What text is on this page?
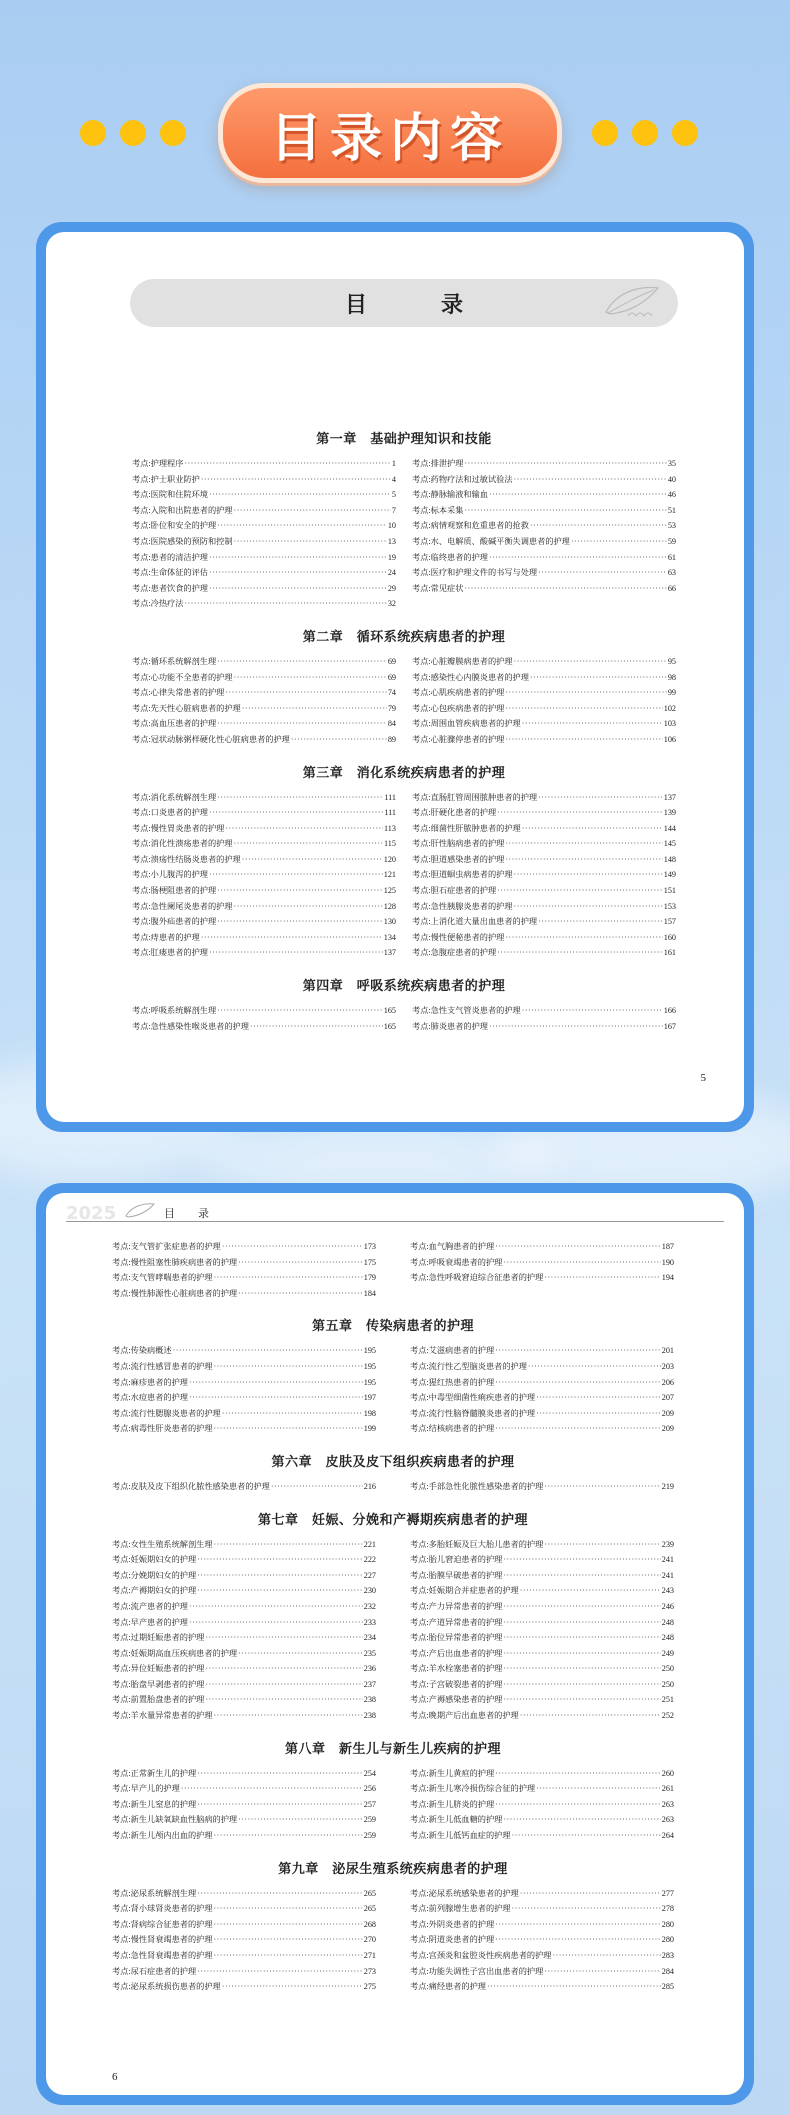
目录内容
目　录
第一章　基础护理知识和技能
考点:护理程序 ·····	1
考点:护士职业防护 ·····	4
考点:医院和住院环境 ·····	5
考点:入院和出院患者的护理 ·····	7
考点:卧位和安全的护理 ·····	10
考点:医院感染的预防和控制 ·····	13
考点:患者的清洁护理 ·····	19
考点:生命体征的评估 ·····	24
考点:患者饮食的护理 ·····	29
考点:冷热疗法 ·····	32
考点:排泄护理 ·····	35
考点:药物疗法和过敏试验法 ·····	40
考点:静脉输液和输血 ·····	46
考点:标本采集 ·····	51
考点:病情观察和危重患者的抢救 ·····	53
考点:水、电解质、酸碱平衡失调患者的护理 ·····	59
考点:临终患者的护理 ·····	61
考点:医疗和护理文件的书写与处理 ·····	63
考点:常见症状 ·····	66
第二章　循环系统疾病患者的护理
考点:循环系统解剖生理 ·····	69
考点:心功能不全患者的护理 ·····	69
考点:心律失常患者的护理 ·····	74
考点:先天性心脏病患者的护理 ·····	79
考点:高血压患者的护理 ·····	84
考点:冠状动脉粥样硬化性心脏病患者的护理 ·····	89
考点:心脏瓣膜病患者的护理 ·····	95
考点:感染性心内膜炎患者的护理 ·····	98
考点:心肌疾病患者的护理 ·····	99
考点:心包疾病患者的护理 ·····	102
考点:周围血管疾病患者的护理 ·····	103
考点:心脏骤停患者的护理 ·····	106
第三章　消化系统疾病患者的护理
考点:消化系统解剖生理 ·····	111
考点:口炎患者的护理 ·····	111
考点:慢性胃炎患者的护理 ·····	113
考点:消化性溃疡患者的护理 ·····	115
考点:溃疡性结肠炎患者的护理 ·····	120
考点:小儿腹泻的护理 ·····	121
考点:肠梗阻患者的护理 ·····	125
考点:急性阑尾炎患者的护理 ·····	128
考点:腹外疝患者的护理 ·····	130
考点:痔患者的护理 ·····	134
考点:肛瘘患者的护理 ·····	137
考点:直肠肛管周围脓肿患者的护理 ·····	137
考点:肝硬化患者的护理 ·····	139
考点:细菌性肝脓肿患者的护理 ·····	144
考点:肝性脑病患者的护理 ·····	145
考点:胆道感染患者的护理 ·····	148
考点:胆道蛔虫病患者的护理 ·····	149
考点:胆石症患者的护理 ·····	151
考点:急性胰腺炎患者的护理 ·····	153
考点:上消化道大量出血患者的护理 ·····	157
考点:慢性便秘患者的护理 ·····	160
考点:急腹症患者的护理 ·····	161
第四章　呼吸系统疾病患者的护理
考点:呼吸系统解剖生理 ·····	165
考点:急性感染性喉炎患者的护理 ·····	165
考点:急性支气管炎患者的护理 ·····	166
考点:肺炎患者的护理 ·····	167
5
2025	目　录
考点:支气管扩张症患者的护理 ·····	173
考点:慢性阻塞性肺疾病患者的护理 ·····	175
考点:支气管哮喘患者的护理 ·····	179
考点:慢性肺源性心脏病患者的护理 ·····	184
考点:血气胸患者的护理 ·····	187
考点:呼吸衰竭患者的护理 ·····	190
考点:急性呼吸窘迫综合征患者的护理 ·····	194
第五章　传染病患者的护理
考点:传染病概述 ·····	195
考点:流行性感冒患者的护理 ·····	195
考点:麻疹患者的护理 ·····	195
考点:水痘患者的护理 ·····	197
考点:流行性腮腺炎患者的护理 ·····	198
考点:病毒性肝炎患者的护理 ·····	199
考点:艾滋病患者的护理 ·····	201
考点:流行性乙型脑炎患者的护理 ·····	203
考点:猩红热患者的护理 ·····	206
考点:中毒型细菌性痢疾患者的护理 ·····	207
考点:流行性脑脊髓膜炎患者的护理 ·····	209
考点:结核病患者的护理 ·····	209
第六章　皮肤及皮下组织疾病患者的护理
考点:皮肤及皮下组织化脓性感染患者的护理 ·····	216	考点:手部急性化脓性感染患者的护理 ·····	219
第七章　妊娠、分娩和产褥期疾病患者的护理
考点:女性生殖系统解剖生理 ·····	221
考点:妊娠期妇女的护理 ·····	222
考点:分娩期妇女的护理 ·····	227
考点:产褥期妇女的护理 ·····	230
考点:流产患者的护理 ·····	232
考点:早产患者的护理 ·····	233
考点:过期妊娠患者的护理 ·····	234
考点:妊娠期高血压疾病患者的护理 ·····	235
考点:异位妊娠患者的护理 ·····	236
考点:胎盘早剥患者的护理 ·····	237
考点:前置胎盘患者的护理 ·····	238
考点:羊水量异常患者的护理 ·····	238
考点:多胎妊娠及巨大胎儿患者的护理 ·····	239
考点:胎儿窘迫患者的护理 ·····	241
考点:胎膜早破患者的护理 ·····	241
考点:妊娠期合并症患者的护理 ·····	243
考点:产力异常患者的护理 ·····	246
考点:产道异常患者的护理 ·····	248
考点:胎位异常患者的护理 ·····	248
考点:产后出血患者的护理 ·····	249
考点:羊水栓塞患者的护理 ·····	250
考点:子宫破裂患者的护理 ·····	250
考点:产褥感染患者的护理 ·····	251
考点:晚期产后出血患者的护理 ·····	252
第八章　新生儿与新生儿疾病的护理
考点:正常新生儿的护理 ·····	254
考点:早产儿的护理 ·····	256
考点:新生儿窒息的护理 ·····	257
考点:新生儿缺氧缺血性脑病的护理 ·····	259
考点:新生儿颅内出血的护理 ·····	259
考点:新生儿黄疸的护理 ·····	260
考点:新生儿寒冷损伤综合征的护理 ·····	261
考点:新生儿脐炎的护理 ·····	263
考点:新生儿低血糖的护理 ·····	263
考点:新生儿低钙血症的护理 ·····	264
第九章　泌尿生殖系统疾病患者的护理
考点:泌尿系统解剖生理 ·····	265
考点:肾小球肾炎患者的护理 ·····	265
考点:肾病综合征患者的护理 ·····	268
考点:慢性肾衰竭患者的护理 ·····	270
考点:急性肾衰竭患者的护理 ·····	271
考点:尿石症患者的护理 ·····	273
考点:泌尿系统损伤患者的护理 ·····	275
考点:泌尿系统感染患者的护理 ·····	277
考点:前列腺增生患者的护理 ·····	278
考点:外阴炎患者的护理 ·····	280
考点:阴道炎患者的护理 ·····	280
考点:宫颈炎和盆腔炎性疾病患者的护理 ·····	283
考点:功能失调性子宫出血患者的护理 ·····	284
考点:痛经患者的护理 ·····	285
6
